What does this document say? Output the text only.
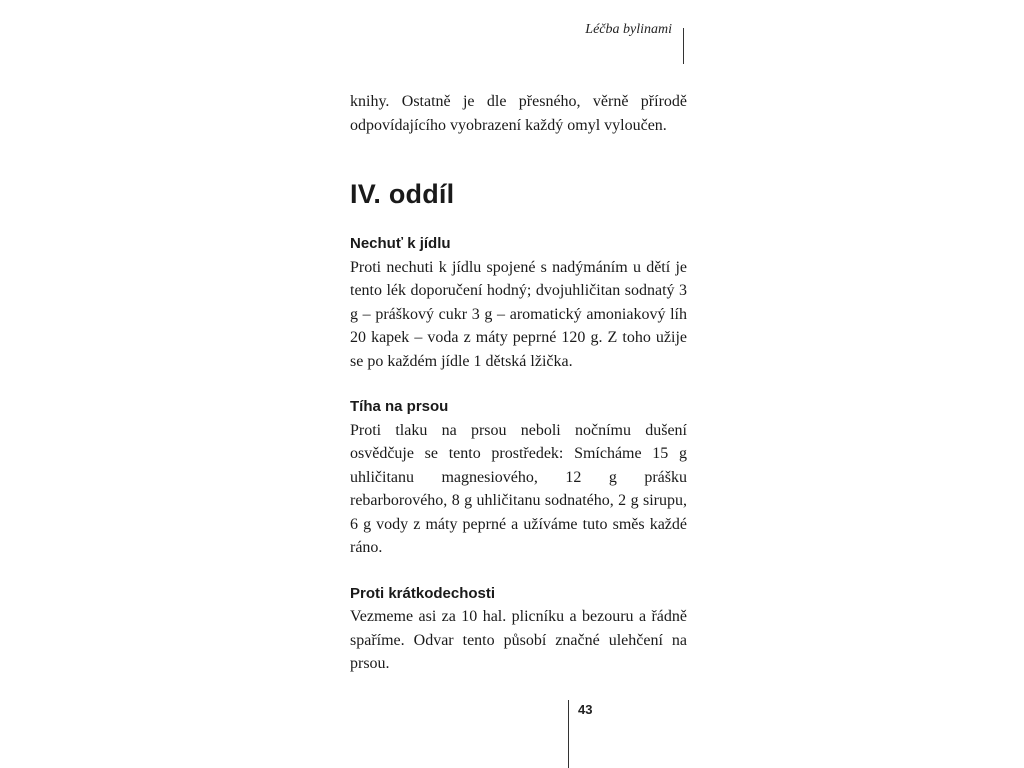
Léčba bylinami

knihy. Ostatně je dle přesného, věrně přírodě odpovídajícího vyobrazení každý omyl vyloučen.

IV. oddíl

Nechuť k jídlu

Proti nechuti k jídlu spojené s nadýmáním u dětí je tento lék doporučení hodný; dvojuhličitan sodnatý 3 g – práškový cukr 3 g – aromatický amoniakový líh 20 kapek – voda z máty peprné 120 g. Z toho užije se po každém jídle 1 dětská lžička.

Tíha na prsou

Proti tlaku na prsou neboli nočnímu dušení osvědčuje se tento prostředek: Smícháme 15 g uhličitanu magnesiového, 12 g prášku rebarborového, 8 g uhličitanu sodnatého, 2 g sirupu, 6 g vody z máty peprné a užíváme tuto směs každé ráno.

Proti krátkodechosti

Vezmeme asi za 10 hal. plicníku a bezouru a řádně spaříme. Odvar tento působí značné ulehčení na prsou.

43
